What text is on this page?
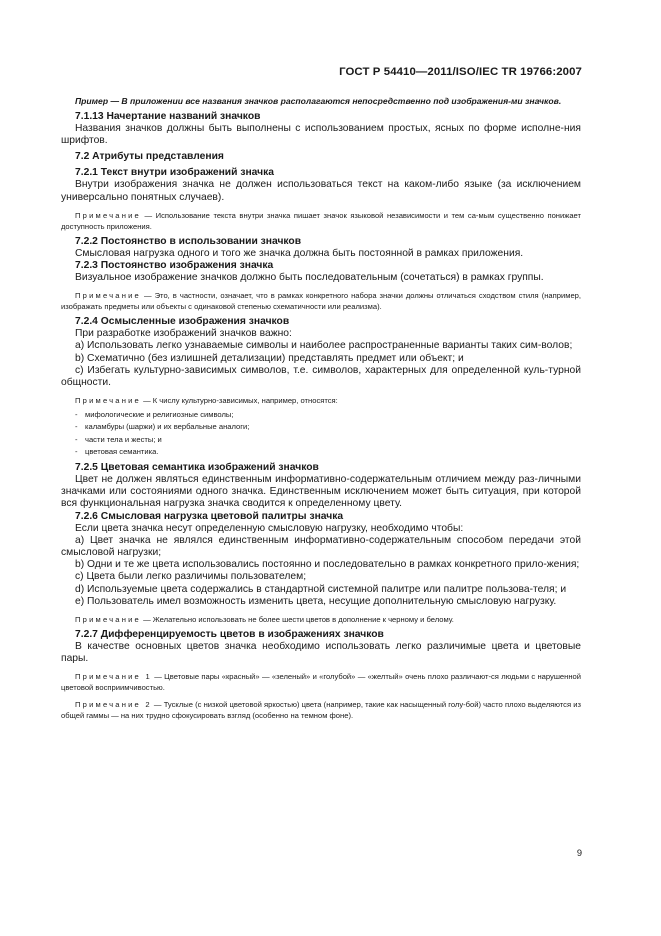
ГОСТ Р 54410—2011/ISO/IEC TR 19766:2007
Пример — В приложении все названия значков располагаются непосредственно под изображения-ми значков.
7.1.13 Начертание названий значков
Названия значков должны быть выполнены с использованием простых, ясных по форме исполне-ния шрифтов.
7.2 Атрибуты представления
7.2.1 Текст внутри изображений значка
Внутри изображения значка не должен использоваться текст на каком-либо языке (за исключением универсально понятных случаев).
Примечание — Использование текста внутри значка пишает значок языковой независимости и тем са-мым существенно понижает доступность приложения.
7.2.2 Постоянство в использовании значков
Смысловая нагрузка одного и того же значка должна быть постоянной в рамках приложения.
7.2.3 Постоянство изображения значка
Визуальное изображение значков должно быть последовательным (сочетаться) в рамках группы.
Примечание — Это, в частности, означает, что в рамках конкретного набора значки должны отличаться сходством стиля (например, изображать предметы или объекты с одинаковой степенью схематичности или реализма).
7.2.4 Осмысленные изображения значков
При разработке изображений значков важно:
a) Использовать легко узнаваемые символы и наиболее распространенные варианты таких сим-волов;
b) Схематично (без излишней детализации) представлять предмет или объект; и
c) Избегать культурно-зависимых символов, т.е. символов, характерных для определенной куль-турной общности.
Примечание — К числу культурно-зависимых, например, относятся:
- мифологические и религиозные символы;
- каламбуры (шаржи) и их вербальные аналоги;
- части тела и жесты; и
- цветовая семантика.
7.2.5 Цветовая семантика изображений значков
Цвет не должен являться единственным информативно-содержательным отличием между раз-личными значками или состояниями одного значка. Единственным исключением может быть ситуация, при которой вся функциональная нагрузка значка сводится к определенному цвету.
7.2.6 Смысловая нагрузка цветовой палитры значка
Если цвета значка несут определенную смысловую нагрузку, необходимо чтобы:
a) Цвет значка не являлся единственным информативно-содержательным способом передачи этой смысловой нагрузки;
b) Одни и те же цвета использовались постоянно и последовательно в рамках конкретного прило-жения;
c) Цвета были легко различимы пользователем;
d) Используемые цвета содержались в стандартной системной палитре или палитре пользова-теля; и
e) Пользователь имел возможность изменить цвета, несущие дополнительную смысловую нагрузку.
Примечание — Желательно использовать не более шести цветов в дополнение к черному и белому.
7.2.7 Дифференцируемость цветов в изображениях значков
В качестве основных цветов значка необходимо использовать легко различимые цвета и цветовые пары.
Примечание 1 — Цветовые пары «красный» — «зеленый» и «голубой» — «желтый» очень плохо различают-ся людьми с нарушенной цветовой восприимчивостью.
Примечание 2 — Тусклые (с низкой цветовой яркостью) цвета (например, такие как насыщенный голу-бой) часто плохо выделяются из общей гаммы — на них трудно сфокусировать взгляд (особенно на темном фоне).
9
